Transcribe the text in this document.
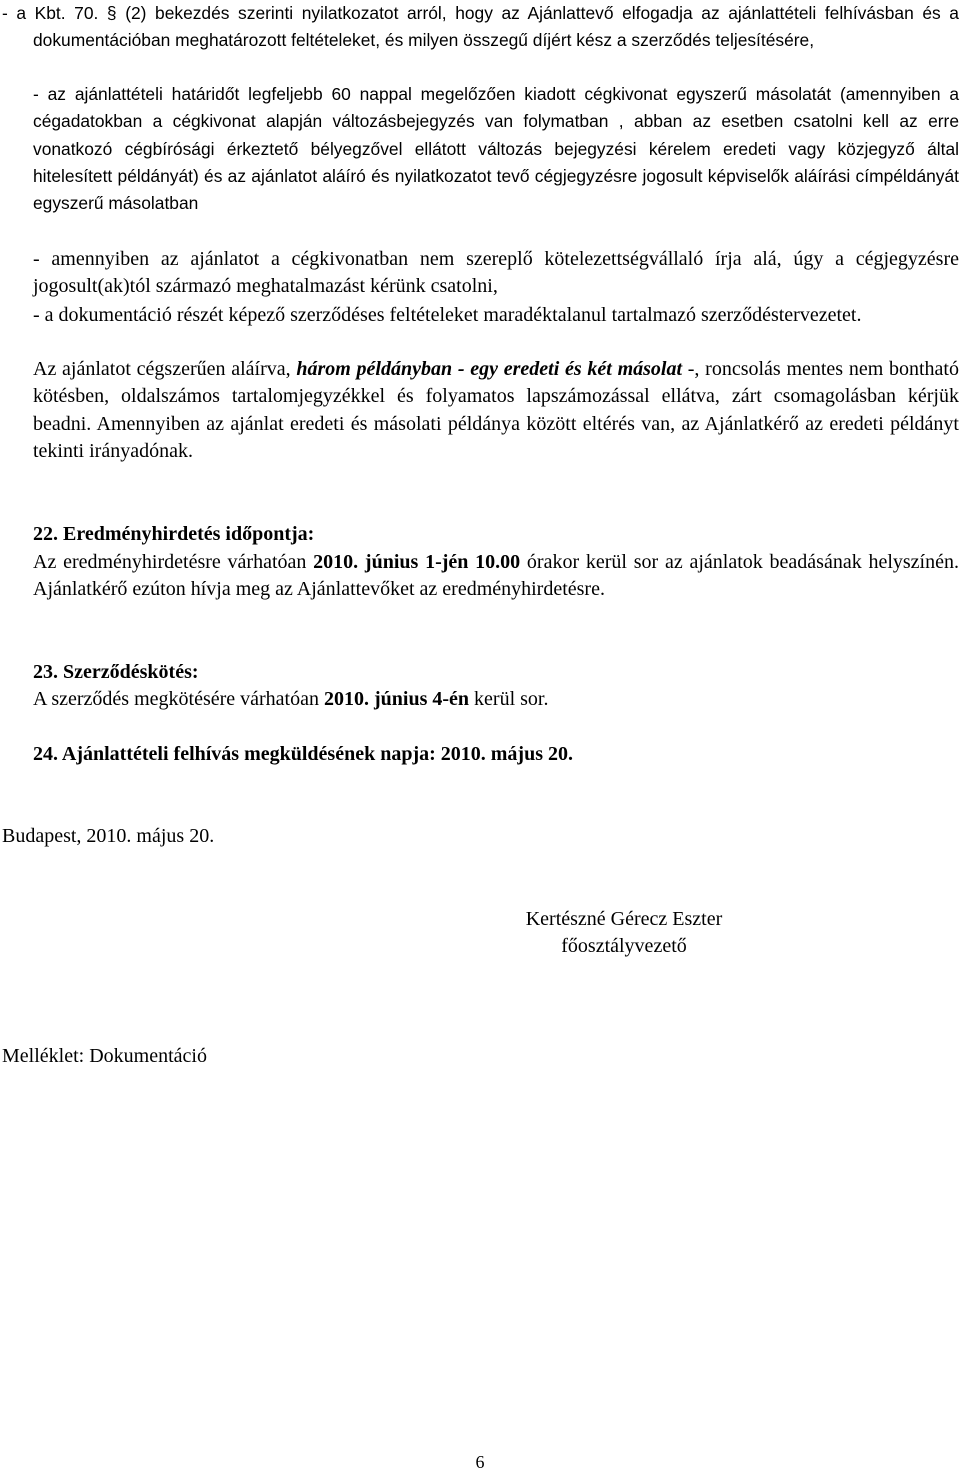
- a Kbt. 70. § (2) bekezdés szerinti nyilatkozatot arról, hogy az Ajánlattevő elfogadja az ajánlattételi felhívásban és a dokumentációban meghatározott feltételeket, és milyen összegű díjért kész a szerződés teljesítésére,

- az ajánlattételi határidőt legfeljebb 60 nappal megelőzően kiadott cégkivonat egyszerű másolatát (amennyiben a cégadatokban a cégkivonat alapján változásbejegyzés van folymatban , abban az esetben csatolni kell az erre vonatkozó cégbírósági érkeztető bélyegzővel ellátott változás bejegyzési kérelem eredeti vagy közjegyző által hitelesített példányát) és az ajánlatot aláíró és nyilatkozatot tevő cégjegyzésre jogosult képviselők aláírási címpéldányát egyszerű másolatban

- amennyiben az ajánlatot a cégkivonatban nem szereplő kötelezettségvállaló írja alá, úgy a cégjegyzésre jogosult(ak)tól származó meghatalmazást kérünk csatolni,

- a dokumentáció részét képező szerződéses feltételeket maradéktalanul tartalmazó szerződéstervezetet.

Az ajánlatot cégszerűen aláírva, három példányban - egy eredeti és két másolat -, roncsolás mentes nem bontható kötésben, oldalszámos tartalomjegyzékkel és folyamatos lapszámozással ellátva, zárt csomagolásban kérjük beadni. Amennyiben az ajánlat eredeti és másolati példánya között eltérés van, az Ajánlatkérő az eredeti példányt tekinti irányadónak.

22. Eredményhirdetés időpontja:

Az eredményhirdetésre várhatóan 2010. június 1-jén 10.00 órakor kerül sor az ajánlatok beadásának helyszínén. Ajánlatkérő ezúton hívja meg az Ajánlattevőket az eredményhirdetésre.

23. Szerződéskötés:

A szerződés megkötésére várhatóan 2010. június 4-én kerül sor.

24. Ajánlattételi felhívás megküldésének napja: 2010. május 20.

Budapest, 2010. május 20.

Kertészné Gérecz Eszter

főosztályvezető

Melléklet: Dokumentáció

6
